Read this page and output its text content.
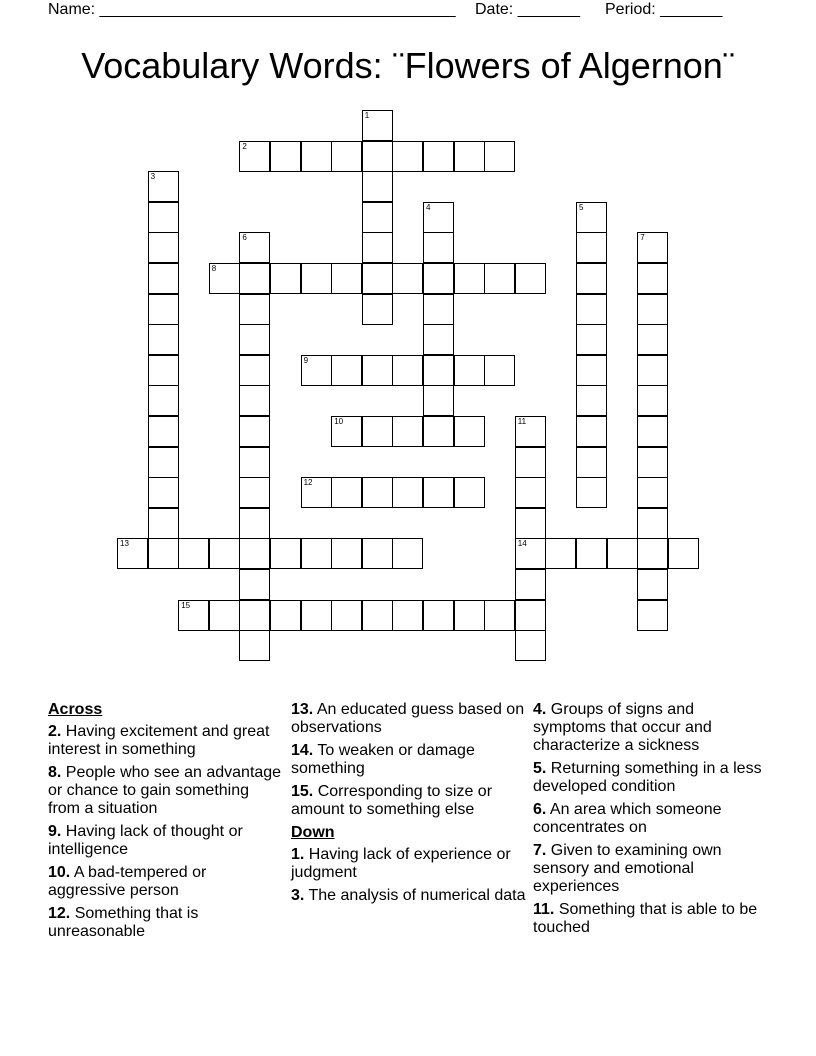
Name: ________________________________________ Date: _______ Period: _______
Vocabulary Words: ¨Flowers of Algernon¨
1
2
3
4	5
6	7
8
9
10	11
14
12
13
15
Across
2. Having excitement and great interest in something
8. People who see an advantage or chance to gain something from a situation
9. Having lack of thought or intelligence
10. A bad-tempered or aggressive person
12. Something that is unreasonable
13. An educated guess based on observations
14. To weaken or damage something
15. Corresponding to size or amount to something else
Down
1. Having lack of experience or judgment
3. The analysis of numerical data
4. Groups of signs and symptoms that occur and characterize a sickness
5. Returning something in a less developed condition
6. An area which someone concentrates on
7. Given to examining own sensory and emotional experiences
11. Something that is able to be touched
